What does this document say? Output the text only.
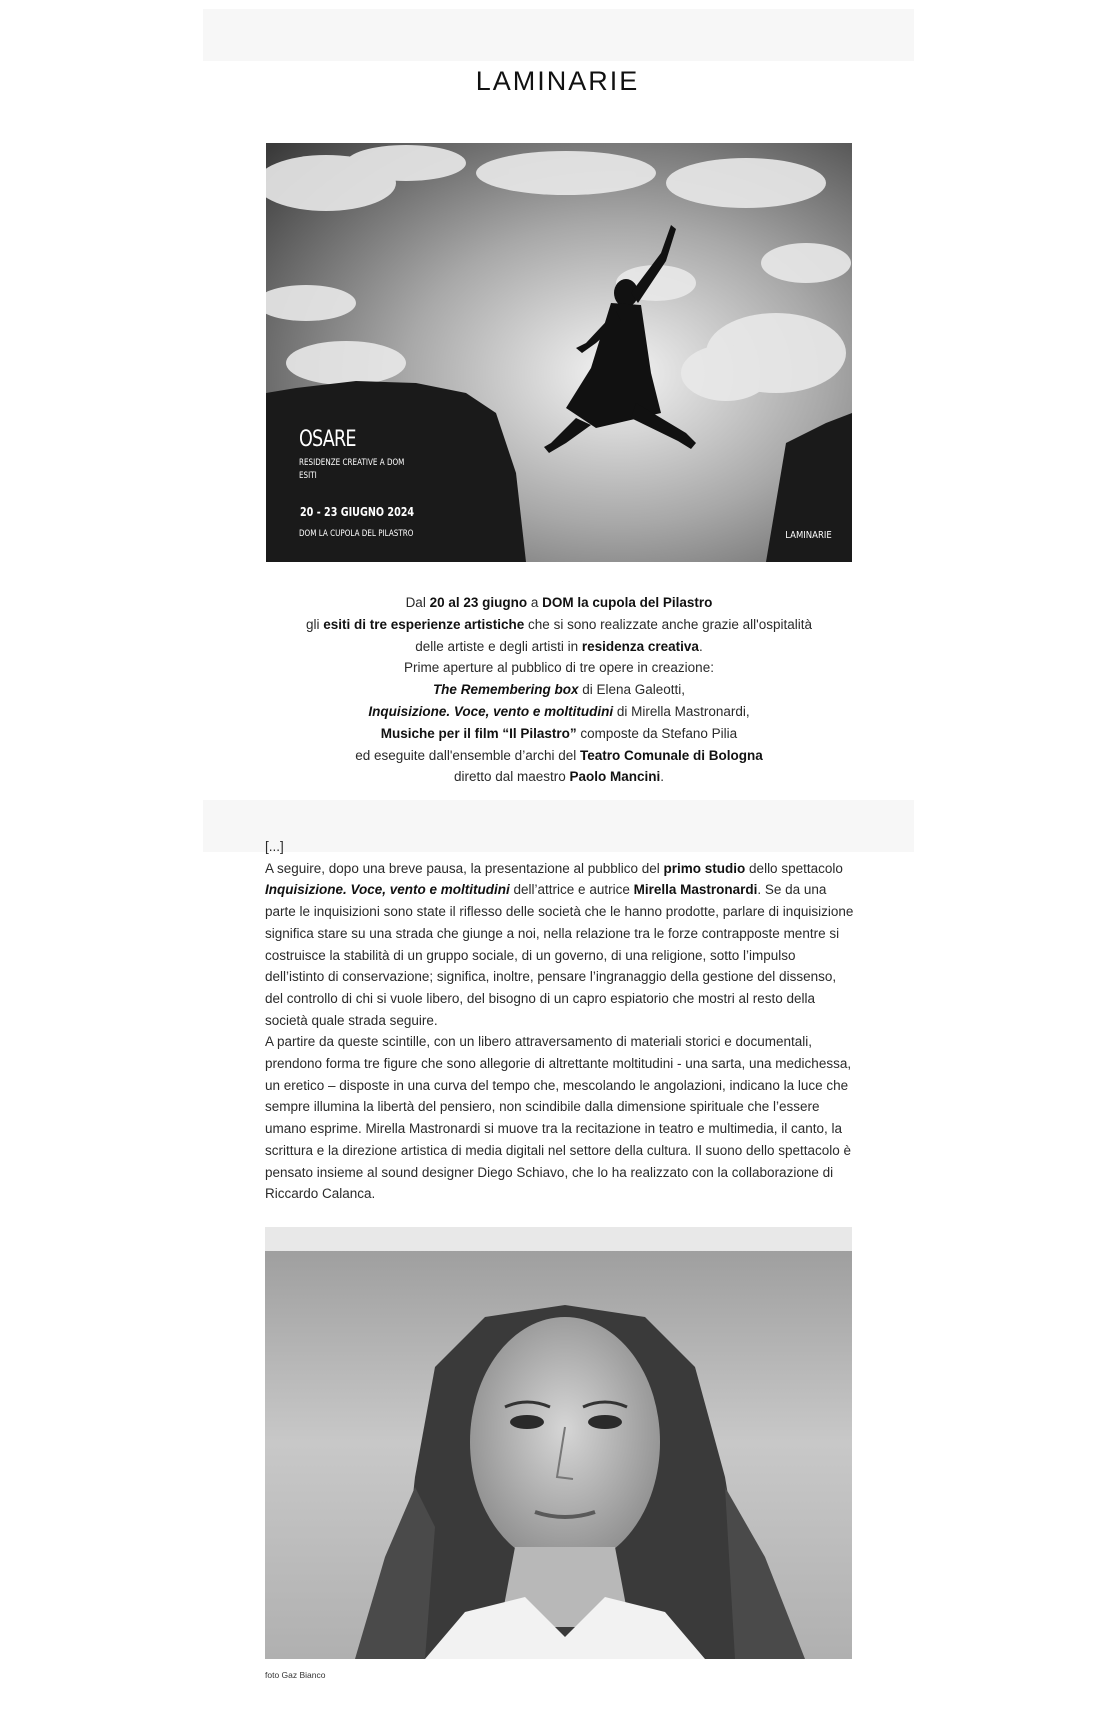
LAMINARIE
OSARE
RESIDENZE CREATIVE A DOM
ESITI
20 - 23 GIUGNO 2024
DOM LA CUPOLA DEL PILASTRO	LAMINARIE

Dal 20 al 23 giugno a DOM la cupola del Pilastro

gli esiti di tre esperienze artistiche che si sono realizzate anche grazie all'ospitalità

delle artiste e degli artisti in residenza creativa.

Prime aperture al pubblico di tre opere in creazione:

The Remembering box di Elena Galeotti,

Inquisizione. Voce, vento e moltitudini di Mirella Mastronardi,

Musiche per il film “Il Pilastro” composte da Stefano Pilia

ed eseguite dall'ensemble d’archi del Teatro Comunale di Bologna

diretto dal maestro Paolo Mancini.

[...]

A seguire, dopo una breve pausa, la presentazione al pubblico del primo studio dello spettacolo Inquisizione. Voce, vento e moltitudini dell’attrice e autrice Mirella Mastronardi. Se da una parte le inquisizioni sono state il riflesso delle società che le hanno prodotte, parlare di inquisizione significa stare su una strada che giunge a noi, nella relazione tra le forze contrapposte mentre si costruisce la stabilità di un gruppo sociale, di un governo, di una religione, sotto l’impulso dell’istinto di conservazione; significa, inoltre, pensare l’ingranaggio della gestione del dissenso, del controllo di chi si vuole libero, del bisogno di un capro espiatorio che mostri al resto della società quale strada seguire.

A partire da queste scintille, con un libero attraversamento di materiali storici e documentali, prendono forma tre figure che sono allegorie di altrettante moltitudini - una sarta, una medichessa, un eretico – disposte in una curva del tempo che, mescolando le angolazioni, indicano la luce che sempre illumina la libertà del pensiero, non scindibile dalla dimensione spirituale che l’essere umano esprime. Mirella Mastronardi si muove tra la recitazione in teatro e multimedia, il canto, la scrittura e la direzione artistica di media digitali nel settore della cultura. Il suono dello spettacolo è pensato insieme al sound designer Diego Schiavo, che lo ha realizzato con la collaborazione di Riccardo Calanca.

foto Gaz Bianco
